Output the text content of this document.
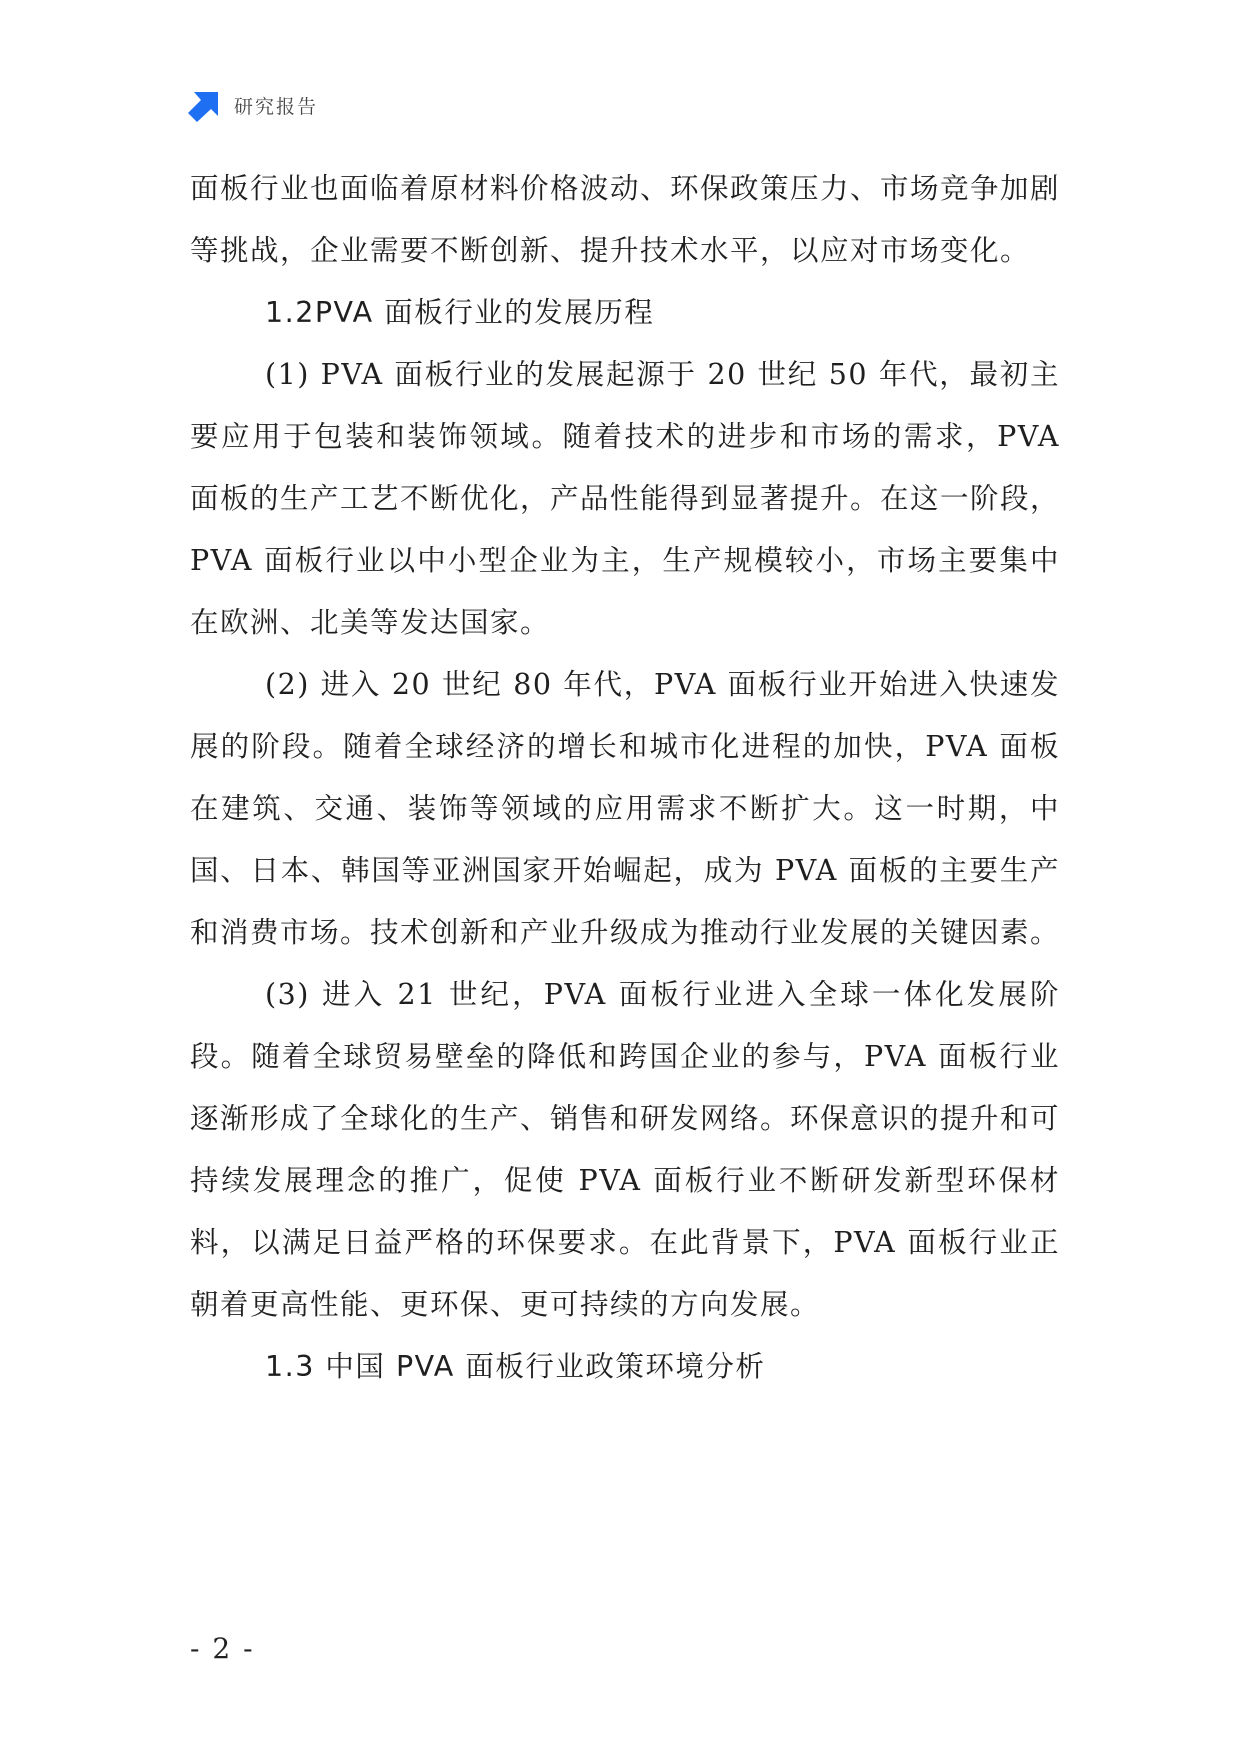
研究报告

面板行业也面临着原材料价格波动、环保政策压力、市场竞争加剧等挑战，企业需要不断创新、提升技术水平，以应对市场变化。

1.2PVA 面板行业的发展历程

(1) PVA 面板行业的发展起源于 20 世纪 50 年代，最初主要应用于包装和装饰领域。随着技术的进步和市场的需求，PVA 面板的生产工艺不断优化，产品性能得到显著提升。在这一阶段，PVA 面板行业以中小型企业为主，生产规模较小，市场主要集中在欧洲、北美等发达国家。

(2) 进入 20 世纪 80 年代，PVA 面板行业开始进入快速发展的阶段。随着全球经济的增长和城市化进程的加快，PVA 面板在建筑、交通、装饰等领域的应用需求不断扩大。这一时期，中国、日本、韩国等亚洲国家开始崛起，成为 PVA 面板的主要生产和消费市场。技术创新和产业升级成为推动行业发展的关键因素。

(3) 进入 21 世纪，PVA 面板行业进入全球一体化发展阶段。随着全球贸易壁垒的降低和跨国企业的参与，PVA 面板行业逐渐形成了全球化的生产、销售和研发网络。环保意识的提升和可持续发展理念的推广，促使 PVA 面板行业不断研发新型环保材料，以满足日益严格的环保要求。在此背景下，PVA 面板行业正朝着更高性能、更环保、更可持续的方向发展。

1.3 中国 PVA 面板行业政策环境分析

- 2 -
